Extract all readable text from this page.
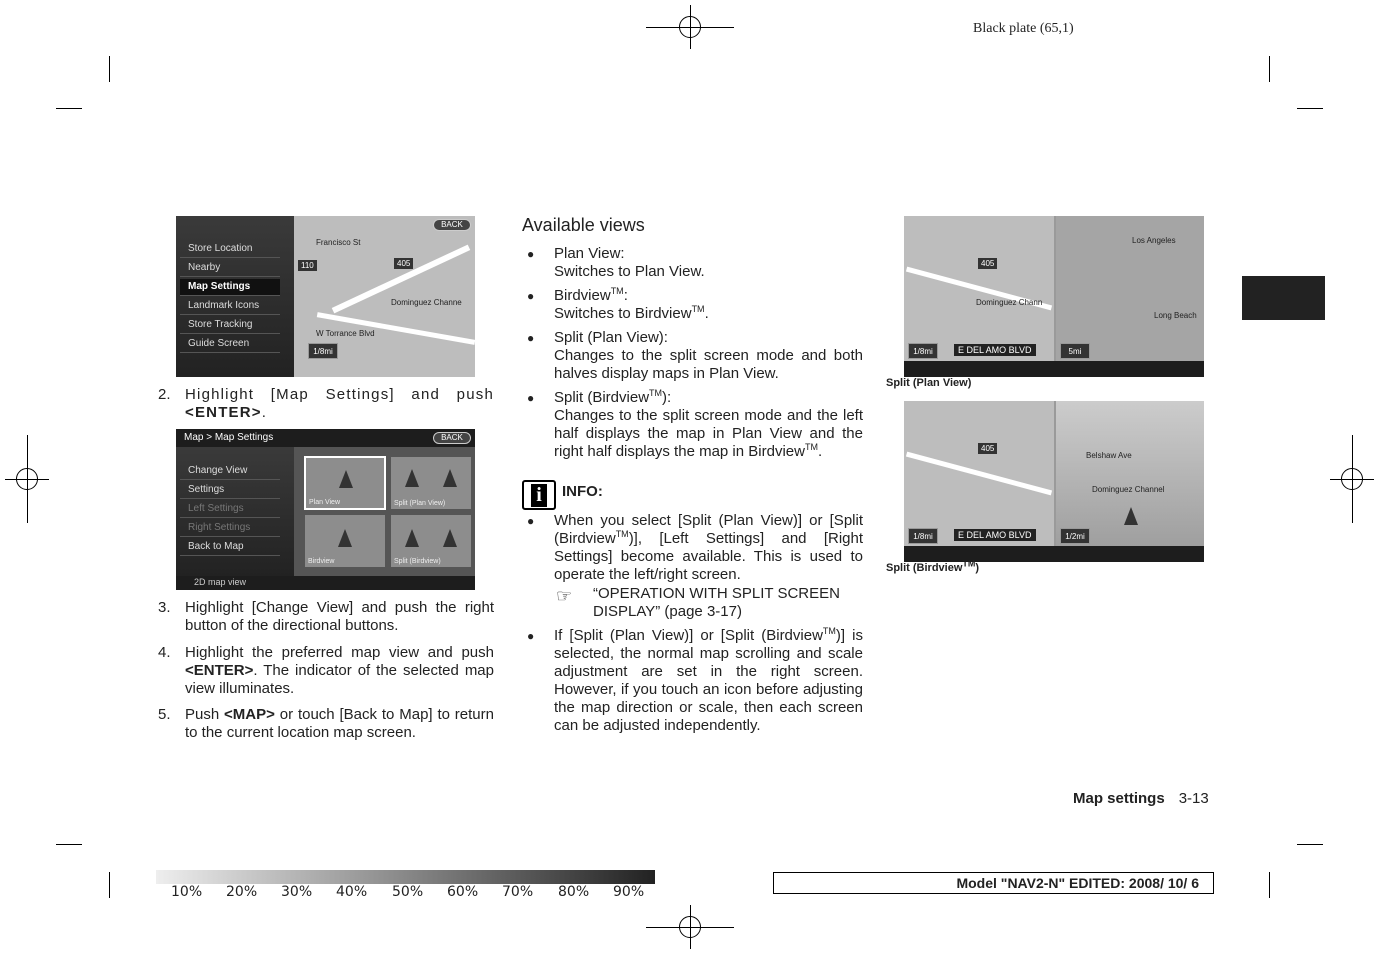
Black plate (65,1)
Francisco St
Dominguez Channe
W Torrance Blvd
110	405
BACK
Store Location
Nearby
Map Settings
Landmark Icons
Store Tracking
Guide Screen
1/8mi
Map > Map Settings	BACK
Change View
Settings
Left Settings
Right Settings
Back to Map
Plan View	Split (Plan View)
Birdview	Split (Birdview)
2D map view
Los Angeles
Long Beach
Dominguez Chann
405
E DEL AMO BLVD
1/8mi	5mi
Split (Plan View)
Belshaw Ave
Dominguez Channel
405
E DEL AMO BLVD
1/8mi	1/2mi
Split (Birdview™)
2. Highlight [Map Settings] and push <ENTER>.
3. Highlight [Change View] and push the right button of the directional buttons.
4. Highlight the preferred map view and push <ENTER>. The indicator of the selected map view illuminates.
5. Push <MAP> or touch [Back to Map] to return to the current location map screen.
Available views
● Plan View:
Switches to Plan View.
● Birdview™:
Switches to Birdview™.
● Split (Plan View):
Changes to the split screen mode and both halves display maps in Plan View.
● Split (Birdview™):
Changes to the split screen mode and the left half displays the map in Plan View and the right half displays the map in Birdview™.
i	INFO:
● When you select [Split (Plan View)] or [Split (Birdview™)], [Left Settings] and [Right Settings] become available. This is used to operate the left/right screen.
☞ “OPERATION WITH SPLIT SCREEN DISPLAY” (page 3-17)
● If [Split (Plan View)] or [Split (Birdview™)] is selected, the normal map scrolling and scale adjustment are set in the right screen. However, if you touch an icon before adjusting the map direction or scale, then each screen can be adjusted independently.
Map settings 3-13
10% 20% 30% 40% 50% 60% 70% 80% 90%
Model "NAV2-N" EDITED: 2008/ 10/ 6
